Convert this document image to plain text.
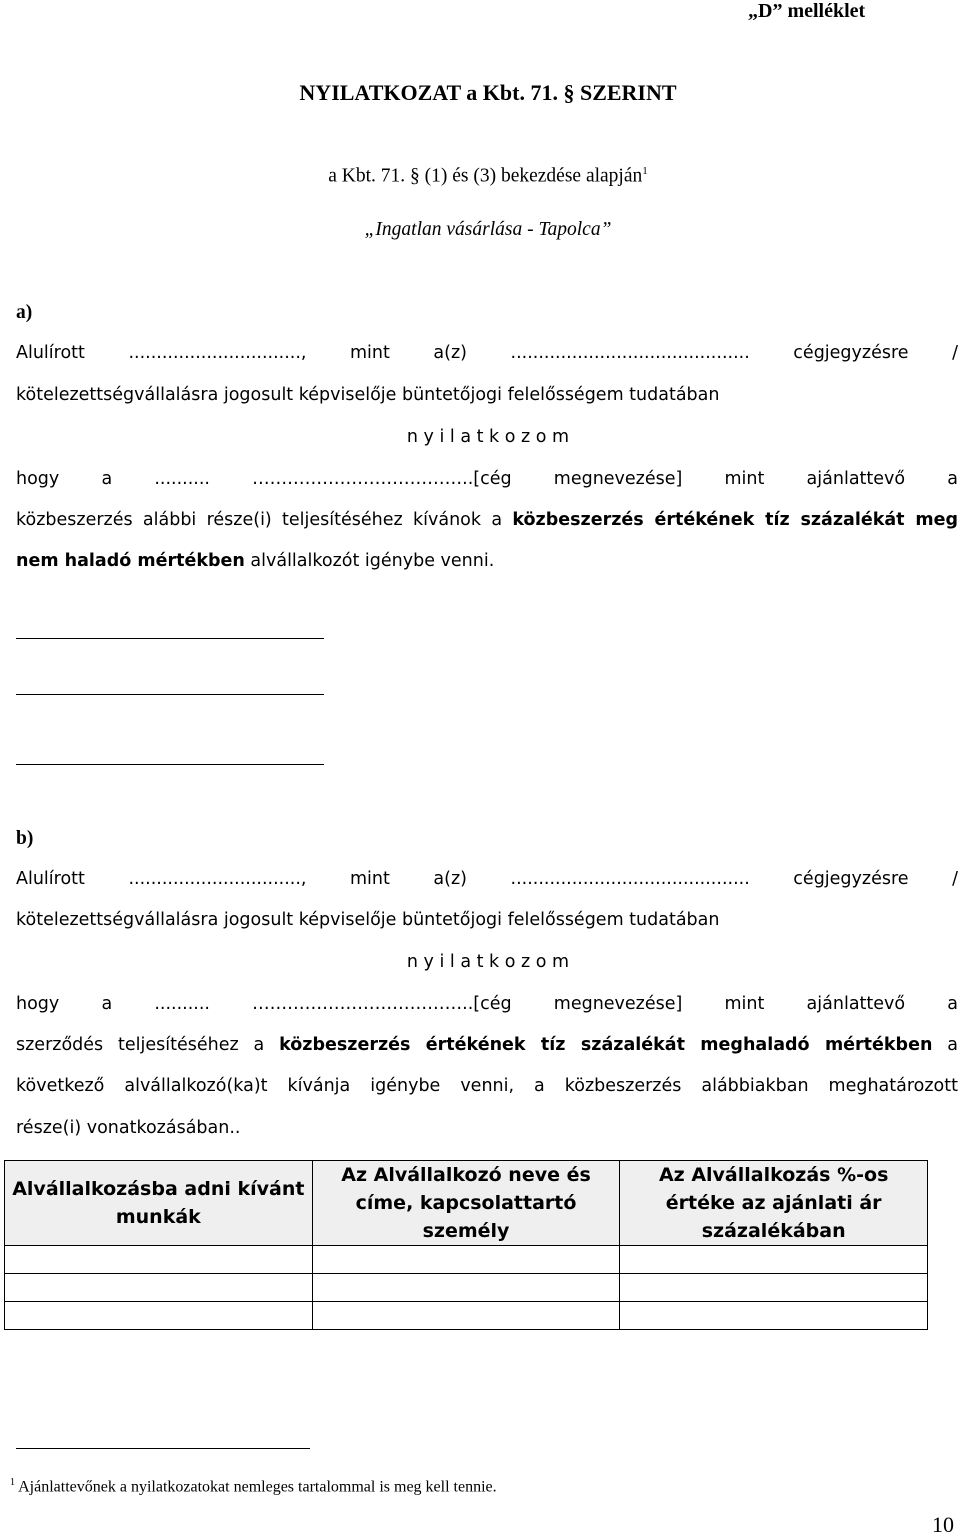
„D” melléklet
NYILATKOZAT a Kbt. 71. § SZERINT
a Kbt. 71. § (1) és (3) bekezdése alapján$^1$
„Ingatlan vásárlása - Tapolca”
a)
Alulírott ..............................., mint a(z) ........................................... cégjegyzésre /
kötelezettségvállalásra jogosult képviselője büntetőjogi felelősségem tudatában
n y i l a t k o z o m
hogy a .......... ………………………………..[cég megnevezése] mint ajánlattevő a
közbeszerzés alábbi része(i) teljesítéséhez kívánok a közbeszerzés értékének tíz százalékát meg
nem haladó mértékben alvállalkozót igénybe venni.
b)
Alulírott ..............................., mint a(z) ........................................... cégjegyzésre /
kötelezettségvállalásra jogosult képviselője büntetőjogi felelősségem tudatában
n y i l a t k o z o m
hogy a .......... ………………………………..[cég megnevezése] mint ajánlattevő a
szerződés teljesítéséhez a közbeszerzés értékének tíz százalékát meghaladó mértékben a
következő alvállalkozó(ka)t kívánja igénybe venni, a közbeszerzés alábbiakban meghatározott
része(i) vonatkozásában..
Alvállalkozásba adni kívánt munkák	Az Alvállalkozó neve és címe, kapcsolattartó személy	Az Alvállalkozás %-os értéke az ajánlati ár százalékában

$^1$ Ajánlattevőnek a nyilatkozatokat nemleges tartalommal is meg kell tennie.
10
